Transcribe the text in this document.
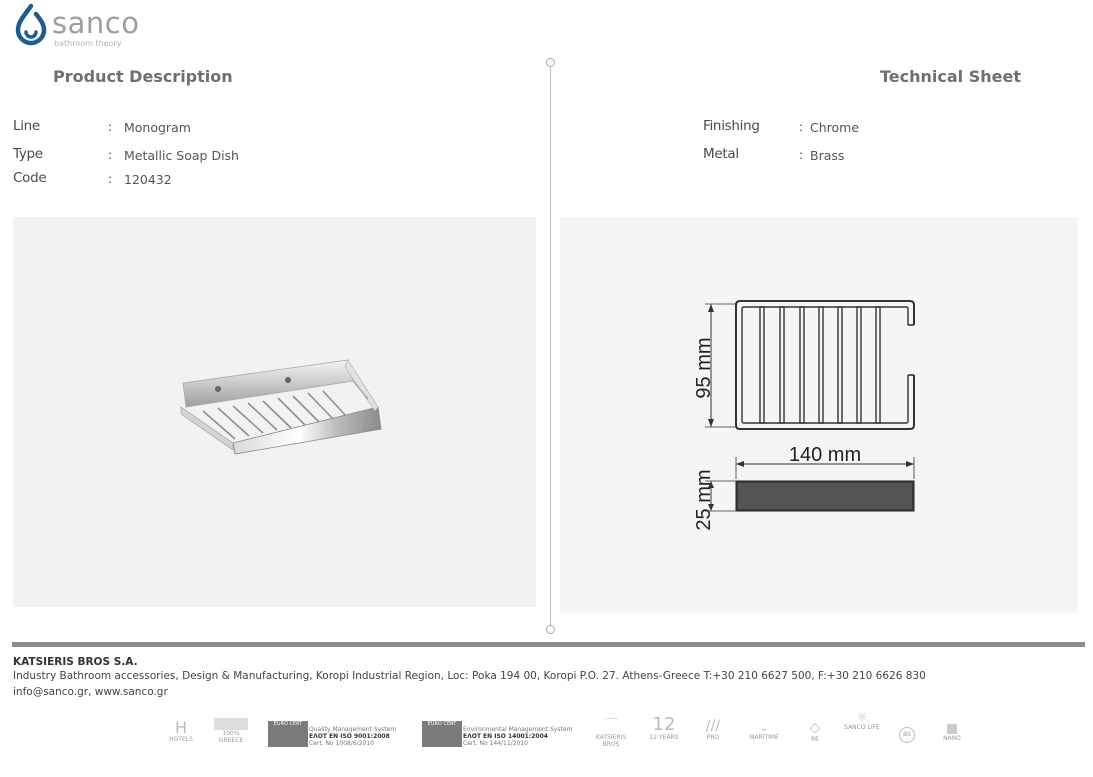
sanco
bathroom theory
Product Description	Technical Sheet
Line	: Monogram
Type	: Metallic Soap Dish
Code	: 120432
Finishing	: Chrome
Metal	: Brass
95 mm
140 mm
25 mm
KATSIERIS BROS S.A.
Industry Bathroom accessories, Design & Manufacturing, Koropi Industrial Region, Loc: Poka 194 00, Koropi P.O. 27. Athens-Greece T:+30 210 6627 500, F:+30 210 6626 830
info@sanco.gr, www.sanco.gr
H
HOTELS
100% GREECE
EURO CERT
Quality Management System
ΕΛΟΤ EN ISO 9001:2008
Cert. No 1008/6/2010
EURO CERT
Environmental Management System
ΕΛΟΤ EN ISO 14001:2004
Cert. No 144/11/2010
⌒
KATSIERIS BROS
12
12 YEARS
///
PRO
⌄
MARITIME
◇
RE
☼
SANCO LIFE
BS
NANO
